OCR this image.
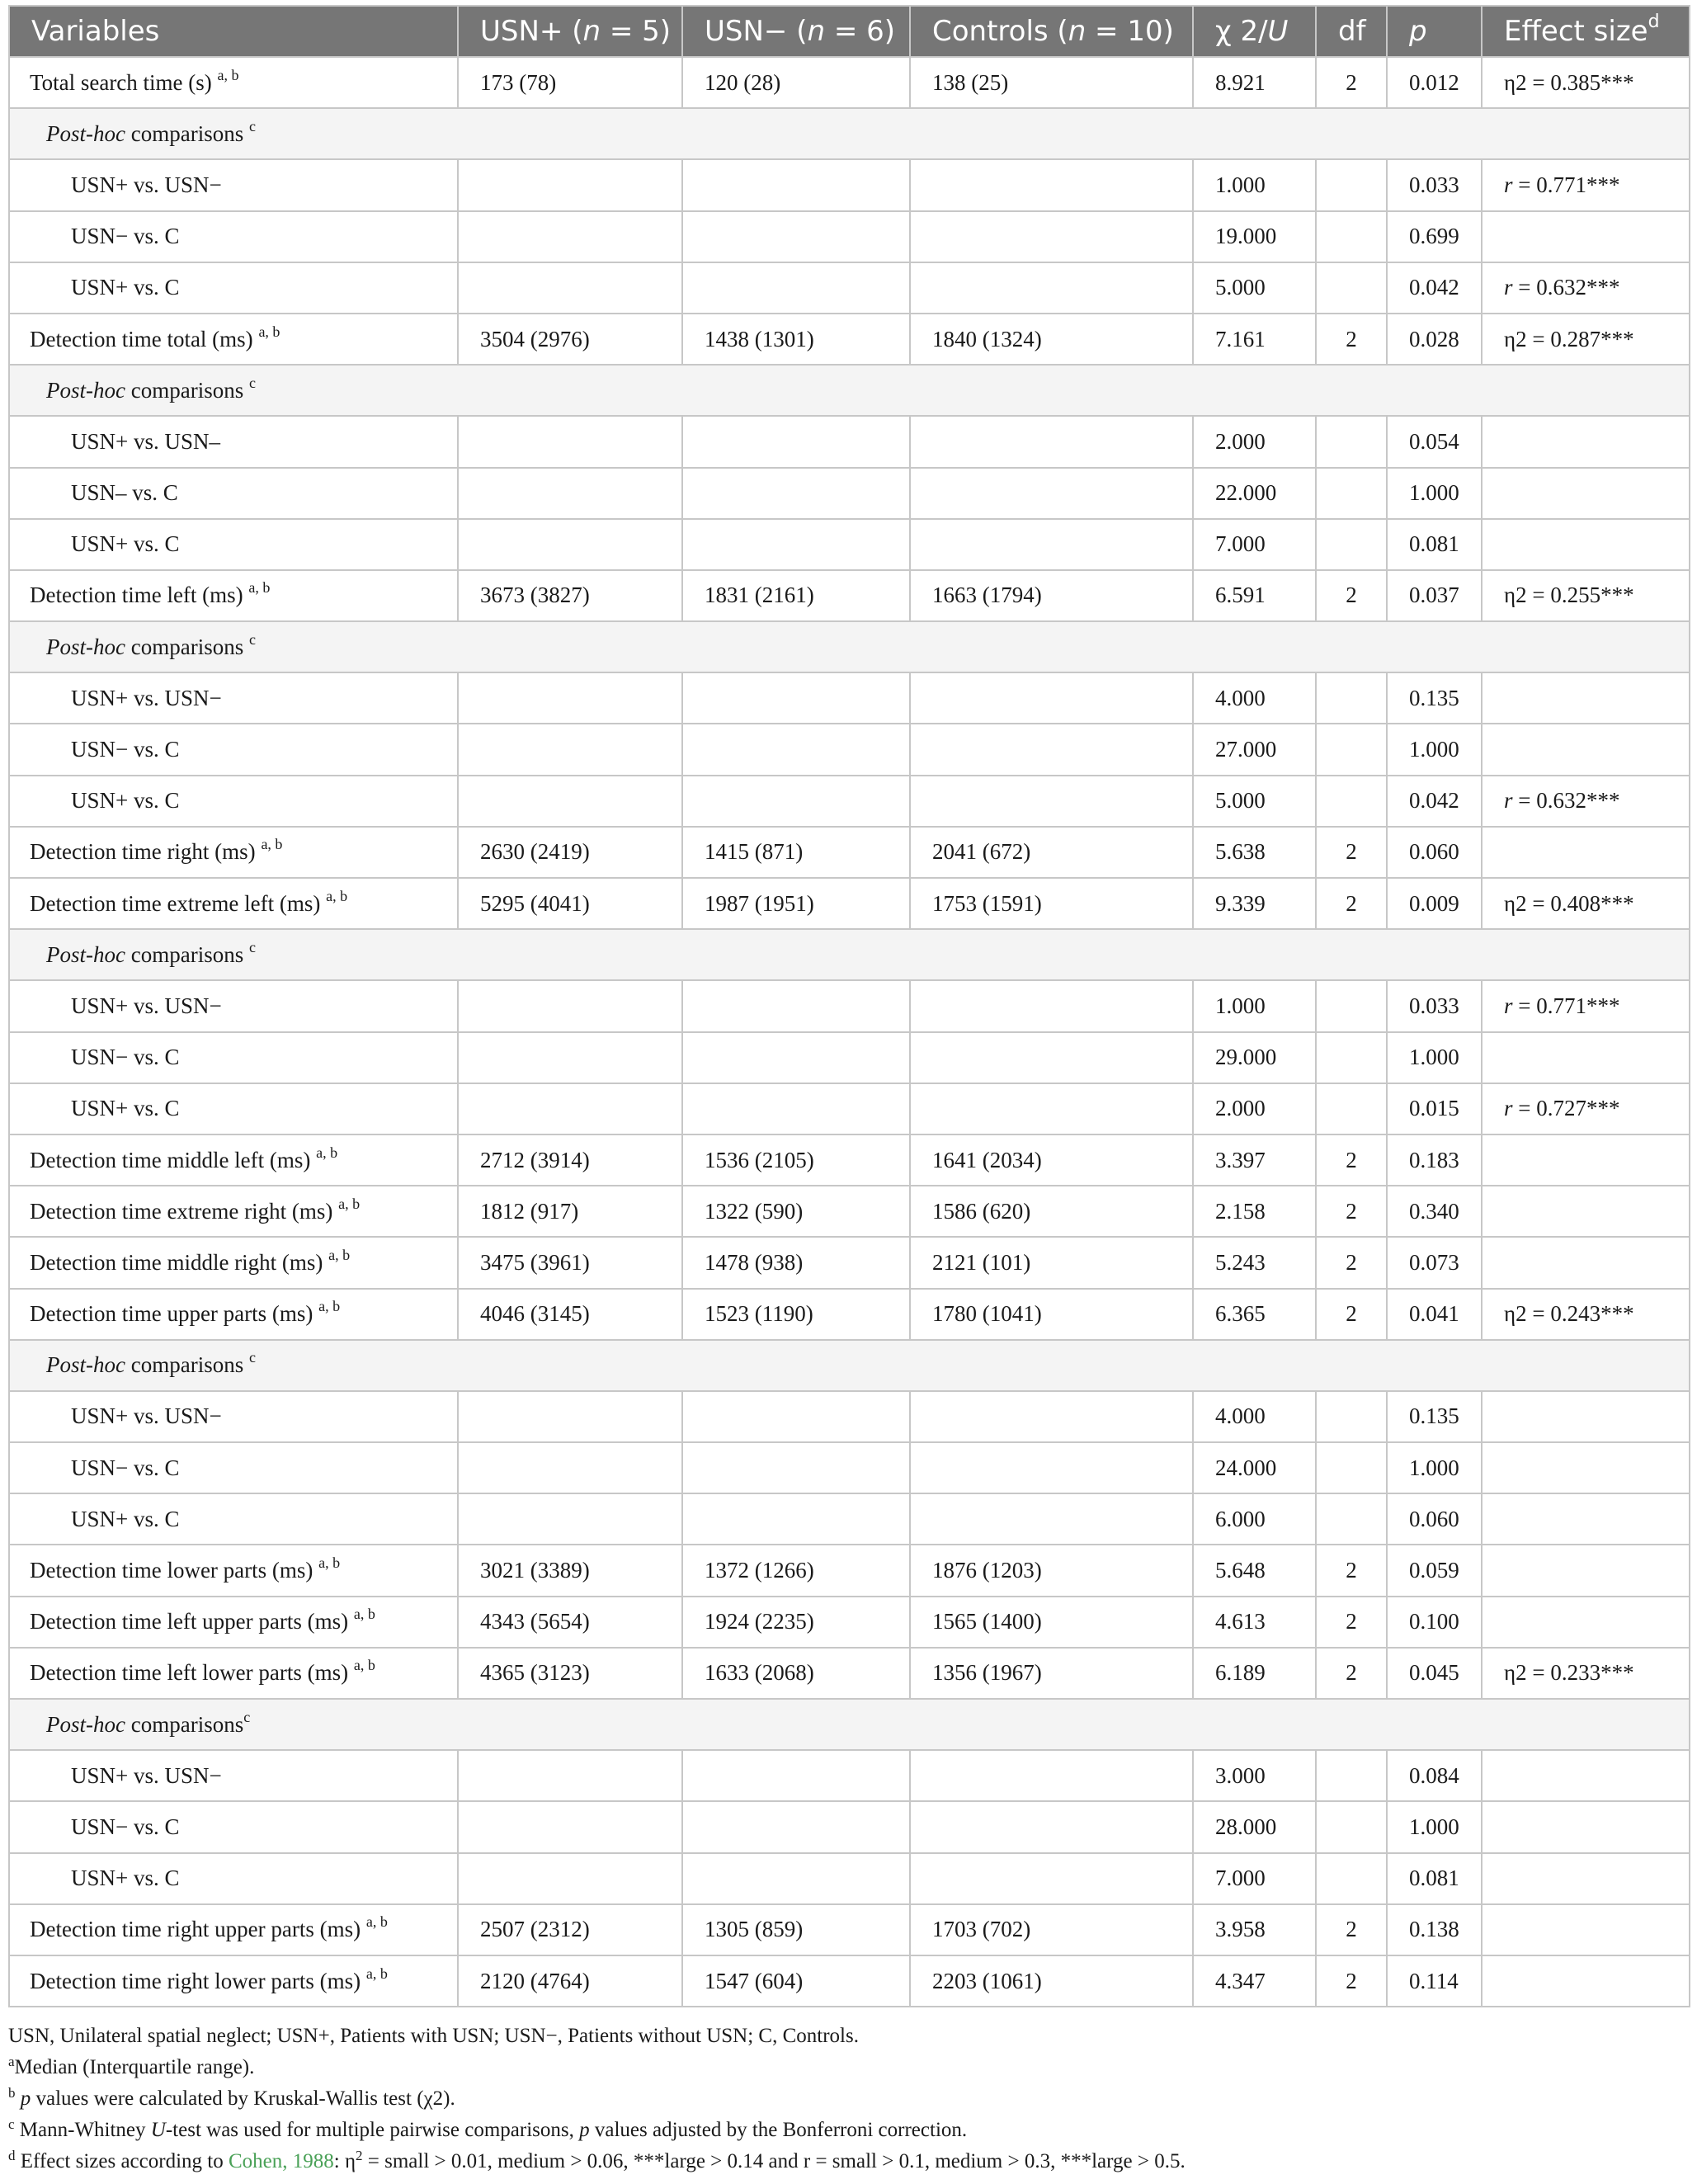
Variables	USN+ (n = 5)	USN− (n = 6)	Controls (n = 10)	χ 2/U	df	p	Effect size$^d$
Total search time (s) $^{a, b}$	173 (78)	120 (28)	138 (25)	8.921	2	0.012	η2 = 0.385***
Post-hoc comparisons $^c$
USN+ vs. USN−				1.000		0.033	r = 0.771***
USN− vs. C				19.000		0.699	
USN+ vs. C				5.000		0.042	r = 0.632***
Detection time total (ms) $^{a, b}$	3504 (2976)	1438 (1301)	1840 (1324)	7.161	2	0.028	η2 = 0.287***
Post-hoc comparisons $^c$
USN+ vs. USN–				2.000		0.054	
USN– vs. C				22.000		1.000	
USN+ vs. C				7.000		0.081	
Detection time left (ms) $^{a, b}$	3673 (3827)	1831 (2161)	1663 (1794)	6.591	2	0.037	η2 = 0.255***
Post-hoc comparisons $^c$
USN+ vs. USN−				4.000		0.135	
USN− vs. C				27.000		1.000	
USN+ vs. C				5.000		0.042	r = 0.632***
Detection time right (ms) $^{a, b}$	2630 (2419)	1415 (871)	2041 (672)	5.638	2	0.060	
Detection time extreme left (ms) $^{a, b}$	5295 (4041)	1987 (1951)	1753 (1591)	9.339	2	0.009	η2 = 0.408***
Post-hoc comparisons $^c$
USN+ vs. USN−				1.000		0.033	r = 0.771***
USN− vs. C				29.000		1.000	
USN+ vs. C				2.000		0.015	r = 0.727***
Detection time middle left (ms) $^{a, b}$	2712 (3914)	1536 (2105)	1641 (2034)	3.397	2	0.183	
Detection time extreme right (ms) $^{a, b}$	1812 (917)	1322 (590)	1586 (620)	2.158	2	0.340	
Detection time middle right (ms) $^{a, b}$	3475 (3961)	1478 (938)	2121 (101)	5.243	2	0.073	
Detection time upper parts (ms) $^{a, b}$	4046 (3145)	1523 (1190)	1780 (1041)	6.365	2	0.041	η2 = 0.243***
Post-hoc comparisons $^c$
USN+ vs. USN−				4.000		0.135	
USN− vs. C				24.000		1.000	
USN+ vs. C				6.000		0.060	
Detection time lower parts (ms) $^{a, b}$	3021 (3389)	1372 (1266)	1876 (1203)	5.648	2	0.059	
Detection time left upper parts (ms) $^{a, b}$	4343 (5654)	1924 (2235)	1565 (1400)	4.613	2	0.100	
Detection time left lower parts (ms) $^{a, b}$	4365 (3123)	1633 (2068)	1356 (1967)	6.189	2	0.045	η2 = 0.233***
Post-hoc comparisons$^c$
USN+ vs. USN−				3.000		0.084	
USN− vs. C				28.000		1.000	
USN+ vs. C				7.000		0.081	
Detection time right upper parts (ms) $^{a, b}$	2507 (2312)	1305 (859)	1703 (702)	3.958	2	0.138	
Detection time right lower parts (ms) $^{a, b}$	2120 (4764)	1547 (604)	2203 (1061)	4.347	2	0.114	
USN, Unilateral spatial neglect; USN+, Patients with USN; USN−, Patients without USN; C, Controls.
$^a$Median (Interquartile range).
$^b$ p values were calculated by Kruskal-Wallis test (χ2).
$^c$ Mann-Whitney U-test was used for multiple pairwise comparisons, p values adjusted by the Bonferroni correction.
$^d$ Effect sizes according to Cohen, 1988: $\eta^2$ = small > 0.01, medium > 0.06, ***large > 0.14 and r = small > 0.1, medium > 0.3, ***large > 0.5.
